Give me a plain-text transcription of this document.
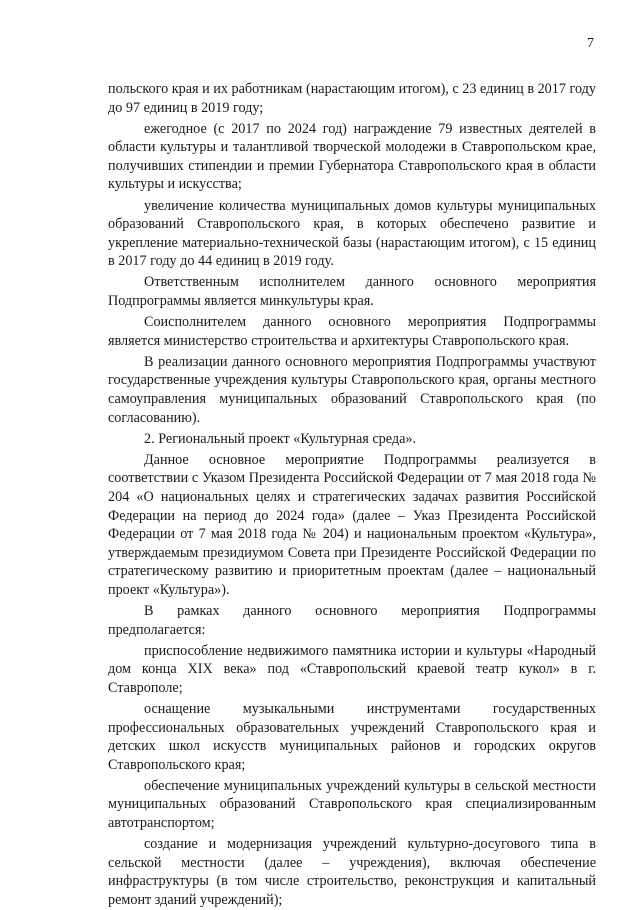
7

польского края и их работникам (нарастающим итогом), с 23 единиц в 2017 году до 97 единиц в 2019 году;

ежегодное (с 2017 по 2024 год) награждение 79 известных деятелей в области культуры и талантливой творческой молодежи в Ставропольском крае, получивших стипендии и премии Губернатора Ставропольского края в области культуры и искусства;

увеличение количества муниципальных домов культуры муниципальных образований Ставропольского края, в которых обеспечено развитие и укрепление материально-технической базы (нарастающим итогом), с 15 единиц в 2017 году до 44 единиц в 2019 году.

Ответственным исполнителем данного основного мероприятия Подпрограммы является минкультуры края.

Соисполнителем данного основного мероприятия Подпрограммы является министерство строительства и архитектуры Ставропольского края.

В реализации данного основного мероприятия Подпрограммы участвуют государственные учреждения культуры Ставропольского края, органы местного самоуправления муниципальных образований Ставропольского края (по согласованию).

2. Региональный проект «Культурная среда».

Данное основное мероприятие Подпрограммы реализуется в соответствии с Указом Президента Российской Федерации от 7 мая 2018 года № 204 «О национальных целях и стратегических задачах развития Российской Федерации на период до 2024 года» (далее – Указ Президента Российской Федерации от 7 мая 2018 года № 204) и национальным проектом «Культура», утверждаемым президиумом Совета при Президенте Российской Федерации по стратегическому развитию и приоритетным проектам (далее – национальный проект «Культура»).

В рамках данного основного мероприятия Подпрограммы предполагается:

приспособление недвижимого памятника истории и культуры «Народный дом конца XIX века» под «Ставропольский краевой театр кукол» в г. Ставрополе;

оснащение музыкальными инструментами государственных профессиональных образовательных учреждений Ставропольского края и детских школ искусств муниципальных районов и городских округов Ставропольского края;

обеспечение муниципальных учреждений культуры в сельской местности муниципальных образований Ставропольского края специализированным автотранспортом;

создание и модернизация учреждений культурно-досугового типа в сельской местности (далее – учреждения), включая обеспечение инфраструктуры (в том числе строительство, реконструкция и капитальный ремонт зданий учреждений);
